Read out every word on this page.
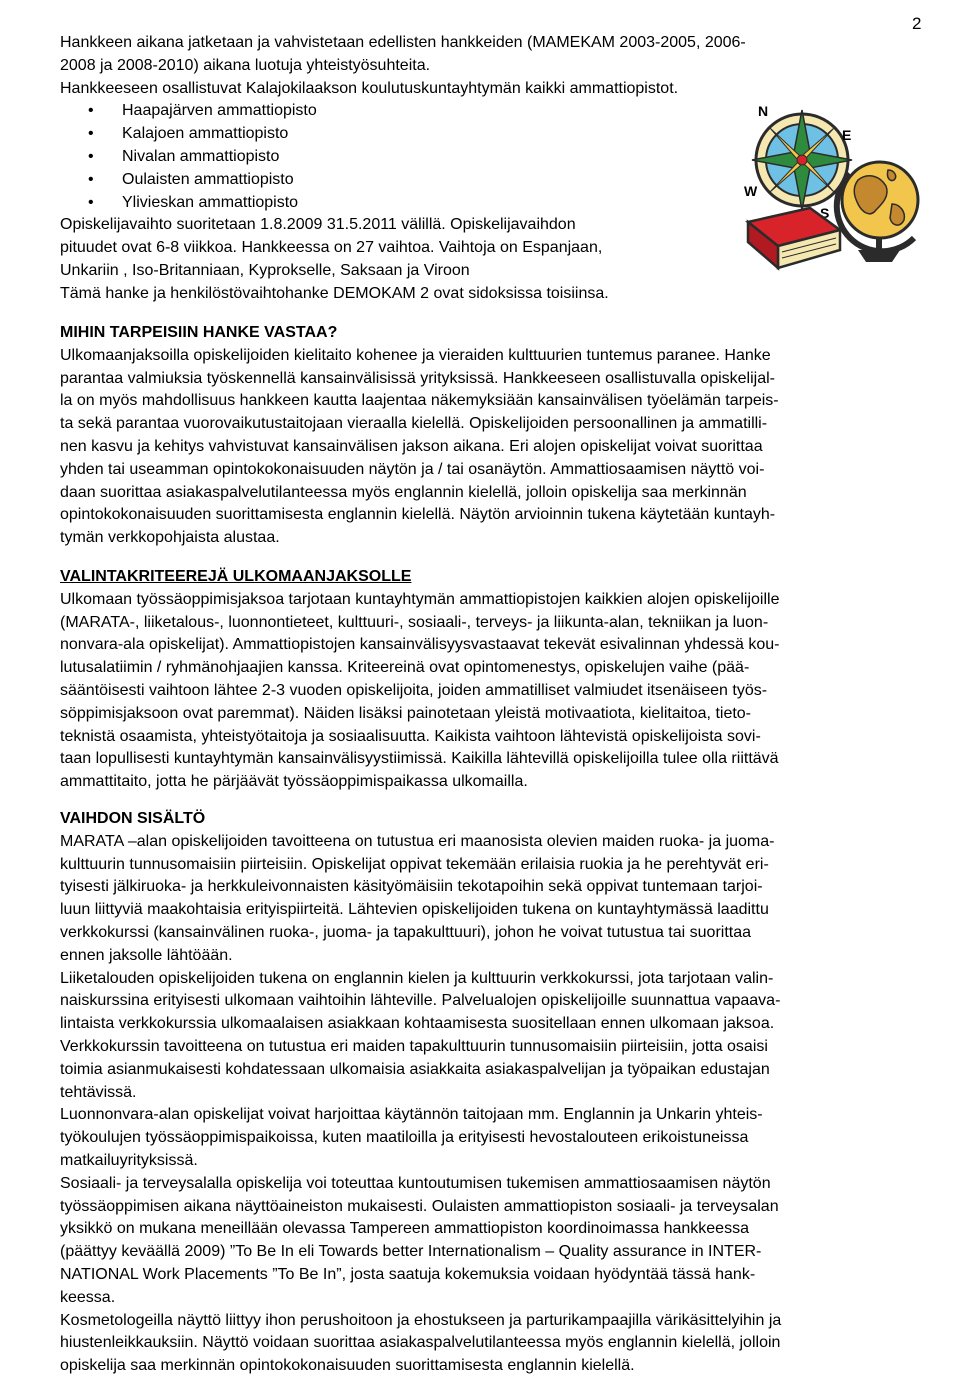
2

Hankkeen aikana jatketaan ja vahvistetaan edellisten hankkeiden (MAMEKAM 2003-2005, 2006-

2008 ja 2008-2010) aikana luotuja yhteistyösuhteita.

Hankkeeseen osallistuvat Kalajokilaakson koulutuskuntayhtymän kaikki ammattiopistot.

• Haapajärven ammattiopisto
• Kalajoen ammattiopisto
• Nivalan ammattiopisto
• Oulaisten ammattiopisto
• Ylivieskan ammattiopisto

Opiskelijavaihto suoritetaan 1.8.2009 31.5.2011 välillä. Opiskelijavaihdon

pituudet ovat 6-8 viikkoa. Hankkeessa on 27 vaihtoa. Vaihtoja on Espanjaan,

Unkariin , Iso-Britanniaan, Kyprokselle, Saksaan ja Viroon

Tämä hanke ja henkilöstövaihtohanke DEMOKAM 2 ovat sidoksissa toisiinsa.

N
E
S
W
MIHIN TARPEISIIN HANKE VASTAA?

Ulkomaanjaksoilla opiskelijoiden kielitaito kohenee ja vieraiden kulttuurien tuntemus paranee. Hanke

parantaa valmiuksia työskennellä kansainvälisissä yrityksissä. Hankkeeseen osallistuvalla opiskelijal-

la on myös mahdollisuus hankkeen kautta laajentaa näkemyksiään kansainvälisen työelämän tarpeis-

ta sekä parantaa vuorovaikutustaitojaan vieraalla kielellä. Opiskelijoiden persoonallinen ja ammatilli-

nen kasvu ja kehitys vahvistuvat kansainvälisen jakson aikana. Eri alojen opiskelijat voivat suorittaa

yhden tai useamman opintokokonaisuuden näytön ja / tai osanäytön. Ammattiosaamisen näyttö voi-

daan suorittaa asiakaspalvelutilanteessa myös englannin kielellä, jolloin opiskelija saa merkinnän

opintokokonaisuuden suorittamisesta englannin kielellä. Näytön arvioinnin tukena käytetään kuntayh-

tymän verkkopohjaista alustaa.

VALINTAKRITEEREJÄ ULKOMAANJAKSOLLE

Ulkomaan työssäoppimisjaksoa tarjotaan kuntayhtymän ammattiopistojen kaikkien alojen opiskelijoille

(MARATA-, liiketalous-, luonnontieteet, kulttuuri-, sosiaali-, terveys- ja liikunta-alan, tekniikan ja luon-

nonvara-ala opiskelijat). Ammattiopistojen kansainvälisyysvastaavat tekevät esivalinnan yhdessä kou-

lutusalatiimin / ryhmänohjaajien kanssa. Kriteereinä ovat opintomenestys, opiskelujen vaihe (pää-

sääntöisesti vaihtoon lähtee 2-3 vuoden opiskelijoita, joiden ammatilliset valmiudet itsenäiseen työs-

söppimisjaksoon ovat paremmat). Näiden lisäksi painotetaan yleistä motivaatiota, kielitaitoa, tieto-

teknistä osaamista, yhteistyötaitoja ja sosiaalisuutta. Kaikista vaihtoon lähtevistä opiskelijoista sovi-

taan lopullisesti kuntayhtymän kansainvälisyystiimissä. Kaikilla lähtevillä opiskelijoilla tulee olla riittävä

ammattitaito, jotta he pärjäävät työssäoppimispaikassa ulkomailla.

VAIHDON SISÄLTÖ

MARATA –alan opiskelijoiden tavoitteena on tutustua eri maanosista olevien maiden ruoka- ja juoma-

kulttuurin tunnusomaisiin piirteisiin. Opiskelijat oppivat tekemään erilaisia ruokia ja he perehtyvät eri-

tyisesti jälkiruoka- ja herkkuleivonnaisten käsityömäisiin tekotapoihin sekä oppivat tuntemaan tarjoi-

luun liittyviä maakohtaisia erityispiirteitä. Lähtevien opiskelijoiden tukena on kuntayhtymässä laadittu

verkkokurssi (kansainvälinen ruoka-, juoma- ja tapakulttuuri), johon he voivat tutustua tai suorittaa

ennen jaksolle lähtöään.

Liiketalouden opiskelijoiden tukena on englannin kielen ja kulttuurin verkkokurssi, jota tarjotaan valin-

naiskurssina erityisesti ulkomaan vaihtoihin lähteville. Palvelualojen opiskelijoille suunnattua vapaava-

lintaista verkkokurssia ulkomaalaisen asiakkaan kohtaamisesta suositellaan ennen ulkomaan jaksoa.

Verkkokurssin tavoitteena on tutustua eri maiden tapakulttuurin tunnusomaisiin piirteisiin, jotta osaisi

toimia asianmukaisesti kohdatessaan ulkomaisia asiakkaita asiakaspalvelijan ja työpaikan edustajan

tehtävissä.

Luonnonvara-alan opiskelijat voivat harjoittaa käytännön taitojaan mm. Englannin ja Unkarin yhteis-

työkoulujen työssäoppimispaikoissa, kuten maatiloilla ja erityisesti hevostalouteen erikoistuneissa

matkailuyrityksissä.

Sosiaali- ja terveysalalla opiskelija voi toteuttaa kuntoutumisen tukemisen ammattiosaamisen näytön

työssäoppimisen aikana näyttöaineiston mukaisesti. Oulaisten ammattiopiston sosiaali- ja terveysalan

yksikkö on mukana meneillään olevassa Tampereen ammattiopiston koordinoimassa hankkeessa

(päättyy keväällä 2009) ”To Be In eli Towards better Internationalism – Quality assurance in INTER-

NATIONAL Work Placements ”To Be In”, josta saatuja kokemuksia voidaan hyödyntää tässä hank-

keessa.

Kosmetologeilla näyttö liittyy ihon perushoitoon ja ehostukseen ja parturikampaajilla värikäsittelyihin ja

hiustenleikkauksiin. Näyttö voidaan suorittaa asiakaspalvelutilanteessa myös englannin kielellä, jolloin

opiskelija saa merkinnän opintokokonaisuuden suorittamisesta englannin kielellä.
